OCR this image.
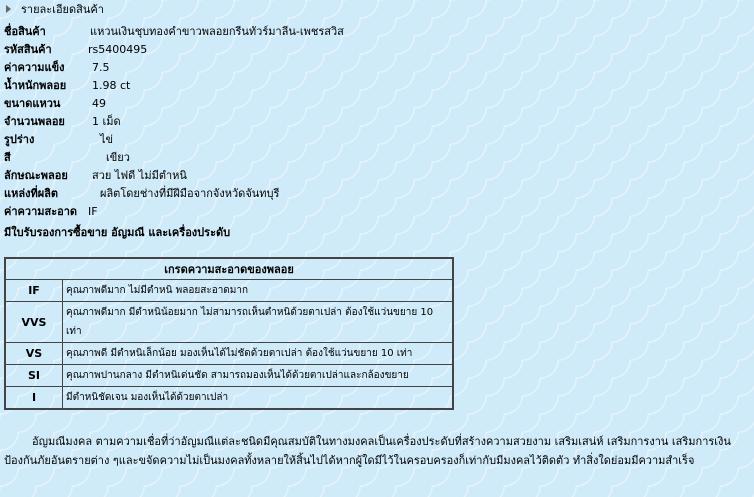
รายละเอียดสินค้า
ชื่อสินค้า	แหวนเงินชุบทองคำขาวพลอยกรีนทัวร์มาลีน-เพชรสวิส
รหัสสินค้า	rs5400495
ค่าความแข็ง	7.5
น้ำหนักพลอย 1.98 ct
ขนาดแหวน	49
จำนวนพลอย 1 เม็ด
รูปร่าง	ไข่
สี	เขียว
ลักษณะพลอย สวย ไฟดี ไม่มีตำหนิ
แหล่งที่ผลิต	ผลิตโดยช่างที่มีฝีมือจากจังหวัดจันทบุรี
ค่าความสะอาด IF
มีใบรับรองการซื้อขาย อัญมณี และเครื่องประดับ
เกรดความสะอาดของพลอย	
IF	คุณภาพดีมาก ไม่มีตำหนิ พลอยสะอาดมาก
VVS	คุณภาพดีมาก มีตำหนิน้อยมาก ไม่สามารถเห็นตำหนิด้วยตาเปล่า ต้องใช้แว่นขยาย 10 เท่า
VS	คุณภาพดี มีตำหนิเล็กน้อย มองเห็นได้ไม่ชัดด้วยตาเปล่า ต้องใช้แว่นขยาย 10 เท่า
SI	คุณภาพปานกลาง มีตำหนิเด่นชัด สามารถมองเห็นได้ด้วยตาเปล่าและกล้องขยาย
I	มีตำหนิชัดเจน มองเห็นได้ด้วยตาเปล่า
อัญมณีมงคล ตามความเชื่อที่ว่าอัญมณีแต่ละชนิดมีคุณสมบัติในทางมงคลเป็นเครื่องประดับที่สร้างความสวยงาม เสริมเสน่ห์ เสริมการงาน เสริมการเงิน ป้องกันภัยอันตรายต่าง ๆและขจัดความไม่เป็นมงคลทั้งหลายให้สิ้นไปได้หากผู้ใดมีไว้ในครอบครองก็เท่ากับมีมงคลไว้ติดตัว ทำสิ่งใดย่อมมีความสำเร็จ
